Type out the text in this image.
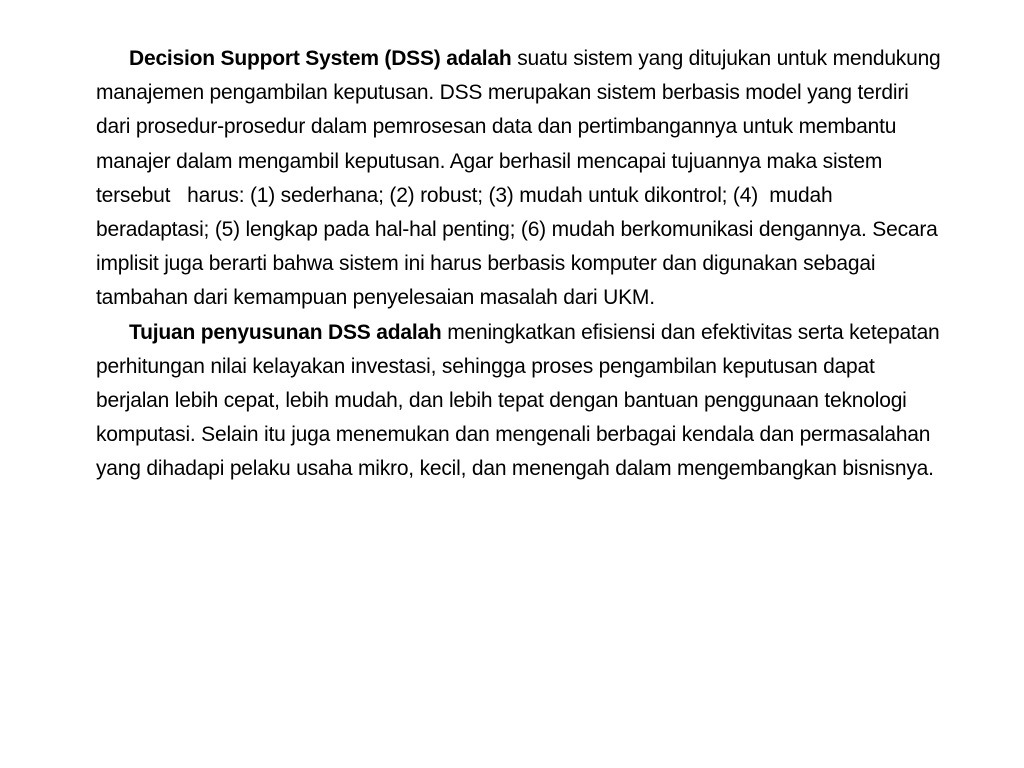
Decision Support System (DSS) adalah suatu sistem yang ditujukan untuk mendukung manajemen pengambilan keputusan. DSS merupakan sistem berbasis model yang terdiri dari prosedur-prosedur dalam pemrosesan data dan pertimbangannya untuk membantu manajer dalam mengambil keputusan. Agar berhasil mencapai tujuannya maka sistem tersebut   harus: (1) sederhana; (2) robust; (3) mudah untuk dikontrol; (4)  mudah beradaptasi; (5) lengkap pada hal-hal penting; (6) mudah berkomunikasi dengannya. Secara  implisit juga berarti bahwa sistem ini harus berbasis komputer dan digunakan sebagai tambahan dari kemampuan penyelesaian masalah dari UKM.

Tujuan penyusunan DSS adalah meningkatkan efisiensi dan efektivitas serta ketepatan perhitungan nilai kelayakan investasi, sehingga proses pengambilan keputusan dapat berjalan lebih cepat, lebih mudah, dan lebih tepat dengan bantuan penggunaan teknologi komputasi. Selain itu juga menemukan dan mengenali berbagai kendala dan permasalahan yang dihadapi pelaku usaha mikro, kecil, dan menengah dalam mengembangkan bisnisnya.
